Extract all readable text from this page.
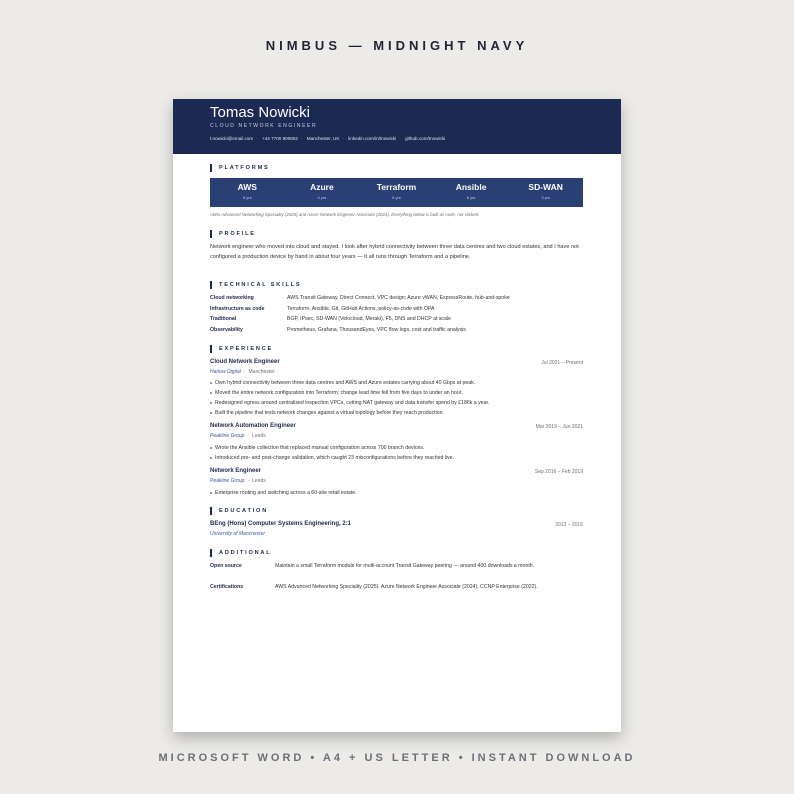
NIMBUS — MIDNIGHT NAVY
Tomas Nowicki
CLOUD NETWORK ENGINEER
t.nowicki@email.com · +44 7700 900862 · Manchester, UK · linkedin.com/in/tnowicki · github.com/tnowicki
PLATFORMS
AWS
6 yrs
Azure
4 yrs
Terraform
5 yrs
Ansible
6 yrs
SD-WAN
3 yrs
AWS Advanced Networking Speciality (2025) and Azure Network Engineer Associate (2024). Everything below is built as code, not clicked.
PROFILE
Network engineer who moved into cloud and stayed. I look after hybrid connectivity between three data centres and two cloud estates, and I have not configured a production device by hand in about four years — it all runs through Terraform and a pipeline.
TECHNICAL SKILLS
Cloud networking	AWS Transit Gateway, Direct Connect, VPC design; Azure vWAN, ExpressRoute, hub-and-spoke
Infrastructure as code	Terraform, Ansible, Git, GitHub Actions, policy-as-code with OPA
Traditional	BGP, IPsec, SD-WAN (Velocloud, Meraki), F5, DNS and DHCP at scale
Observability	Prometheus, Grafana, ThousandEyes, VPC flow logs, cost and traffic analysis
EXPERIENCE
Cloud Network Engineer	Jul 2021 – Present
Harlow Digital · Manchester
Own hybrid connectivity between three data centres and AWS and Azure estates carrying about 40 Gbps at peak.
Moved the entire network configuration into Terraform; change lead time fell from five days to under an hour.
Redesigned egress around centralised inspection VPCs, cutting NAT gateway and data transfer spend by £186k a year.
Built the pipeline that tests network changes against a virtual topology before they reach production.
Network Automation Engineer	Mar 2019 – Jun 2021
Peakline Group · Leeds
Wrote the Ansible collection that replaced manual configuration across 700 branch devices.
Introduced pre- and post-change validation, which caught 23 misconfigurations before they reached live.
Network Engineer	Sep 2016 – Feb 2019
Peakline Group · Leeds
Enterprise routing and switching across a 60-site retail estate.
EDUCATION
BEng (Hons) Computer Systems Engineering, 2:1	2013 – 2016
University of Manchester
ADDITIONAL
Open source	Maintain a small Terraform module for multi-account Transit Gateway peering — around 400 downloads a month.
Certifications	AWS Advanced Networking Speciality (2025). Azure Network Engineer Associate (2024). CCNP Enterprise (2022).
MICROSOFT WORD • A4 + US LETTER • INSTANT DOWNLOAD
